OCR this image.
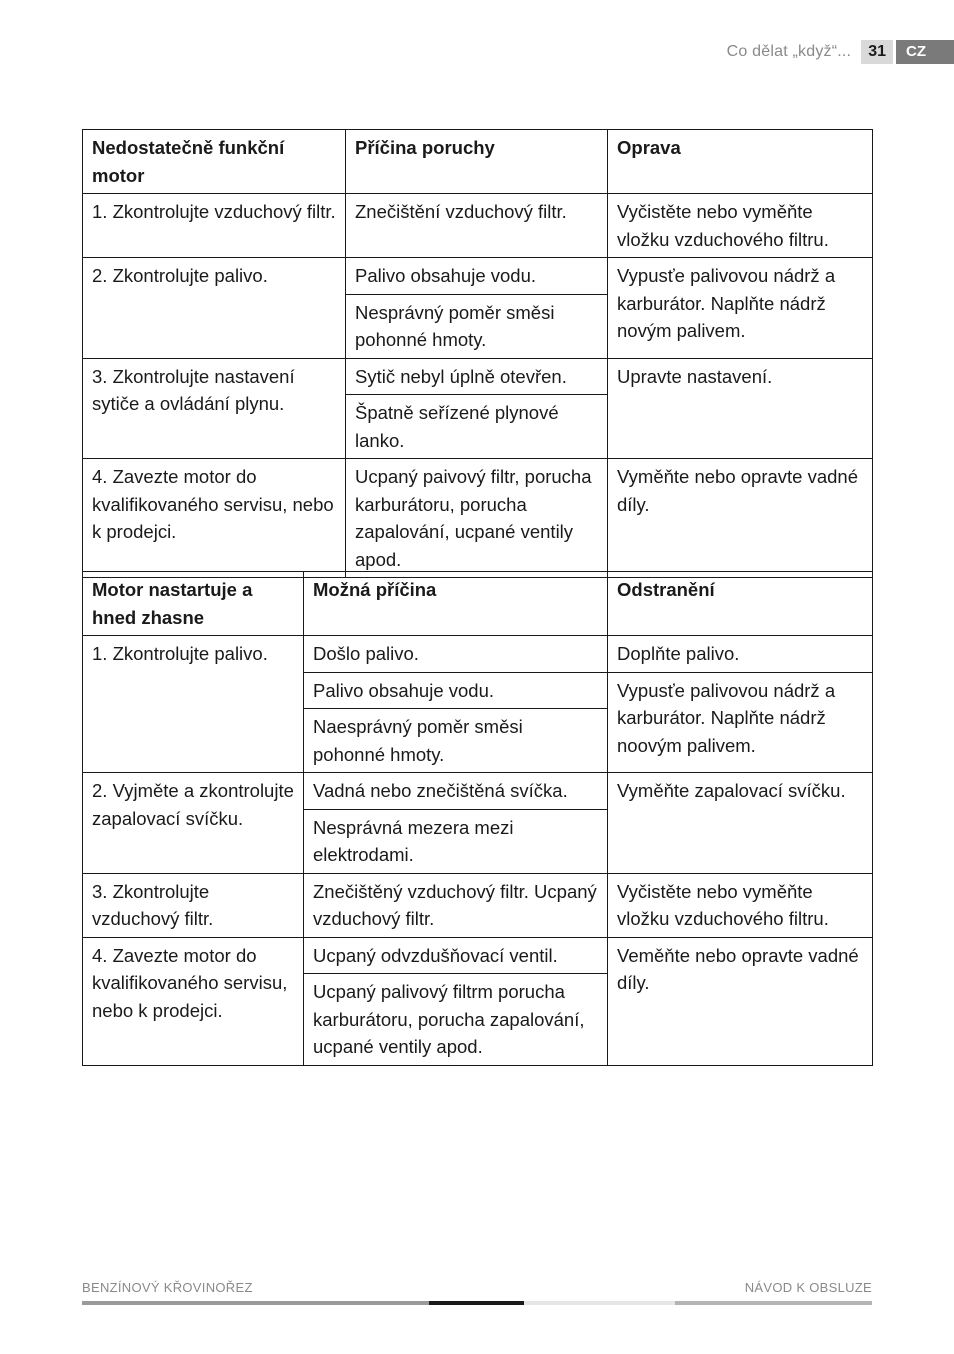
Co dělat „když“...	31	CZ
Nedostatečně funkční motor	Příčina poruchy	Oprava
1. Zkontrolujte vzduchový filtr.	Znečištění vzduchový filtr.	Vyčistěte nebo vyměňte vložku vzduchového filtru.
2. Zkontrolujte palivo.	Palivo obsahuje vodu.	Vypusťe palivovou nádrž a karburátor. Naplňte nádrž novým palivem.
	Nesprávný poměr směsi pohonné hmoty.	
3. Zkontrolujte nastavení sytiče a ovládání plynu.	Sytič nebyl úplně otevřen.	Upravte nastavení.
	Špatně seřízené plynové lanko.	
4. Zavezte motor do kvalifikovaného servisu, nebo k prodejci.	Ucpaný paivový filtr, porucha karburátoru, porucha zapalování, ucpané ventily apod.	Vyměňte nebo opravte vadné díly.
Motor nastartuje a hned zhasne	Možná příčina	Odstranění
1. Zkontrolujte palivo.	Došlo palivo.	Doplňte palivo.
	Palivo obsahuje vodu.	Vypusťe palivovou nádrž a karburátor. Naplňte nádrž noovým palivem.
	Naesprávný poměr směsi pohonné hmoty.	
2. Vyjměte a zkontrolujte zapalovací svíčku.	Vadná nebo znečištěná svíčka.	Vyměňte zapalovací svíčku.
	Nesprávná mezera mezi elektrodami.	
3. Zkontrolujte vzduchový filtr.	Znečištěný vzduchový filtr. Ucpaný vzduchový filtr.	Vyčistěte nebo vyměňte vložku vzduchového filtru.
4. Zavezte motor do kvalifikovaného servisu, nebo k prodejci.	Ucpaný odvzdušňovací ventil.	Veměňte nebo opravte vadné díly.
	Ucpaný palivový filtrm porucha karburátoru, porucha zapalování, ucpané ventily apod.	
BENZÍNOVÝ KŘOVINOŘEZ	NÁVOD K OBSLUZE
